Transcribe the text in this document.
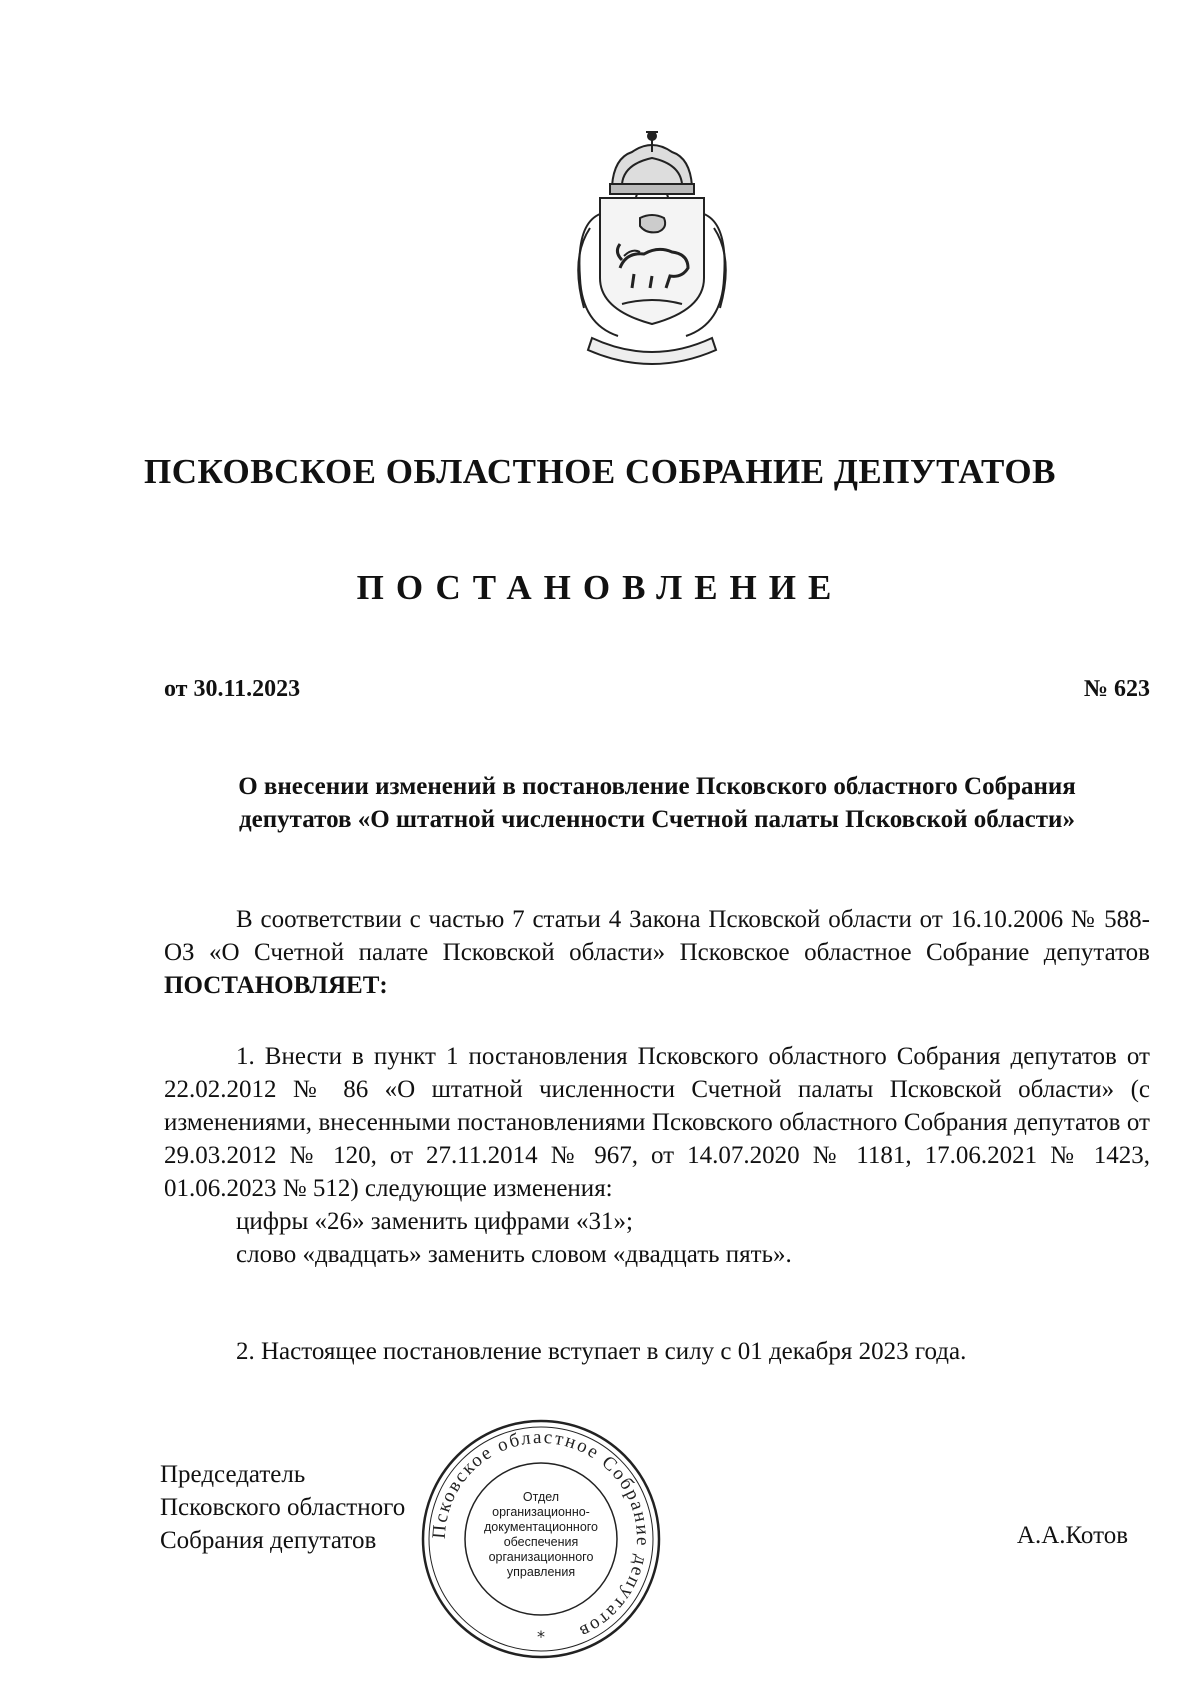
ПСКОВСКОЕ ОБЛАСТНОЕ СОБРАНИЕ ДЕПУТАТОВ
ПОСТАНОВЛЕНИЕ
от 30.11.2023	№ 623
О внесении изменений в постановление Псковского областного Собрания
депутатов «О штатной численности Счетной палаты Псковской области»

В соответствии с частью 7 статьи 4 Закона Псковской области от 16.10.2006 № 588-ОЗ «О Счетной палате Псковской области» Псковское областное Собрание депутатов ПОСТАНОВЛЯЕТ:

1. Внести в пункт 1 постановления Псковского областного Собрания депутатов от 22.02.2012 № 86 «О штатной численности Счетной палаты Псковской области» (с изменениями, внесенными постановлениями Псковского областного Собрания депутатов от 29.03.2012 № 120, от 27.11.2014 № 967, от 14.07.2020 № 1181, 17.06.2021 № 1423, 01.06.2023 № 512) следующие изменения:

цифры «26» заменить цифрами «31»;

слово «двадцать» заменить словом «двадцать пять».

2. Настоящее постановление вступает в силу с 01 декабря 2023 года.

Председатель
Псковского областного
Собрания депутатов	А.А.Котов
Псковское областное Собрание депутатов
*
Отдел
организационно-
документационного
обеспечения
организационного
управления
